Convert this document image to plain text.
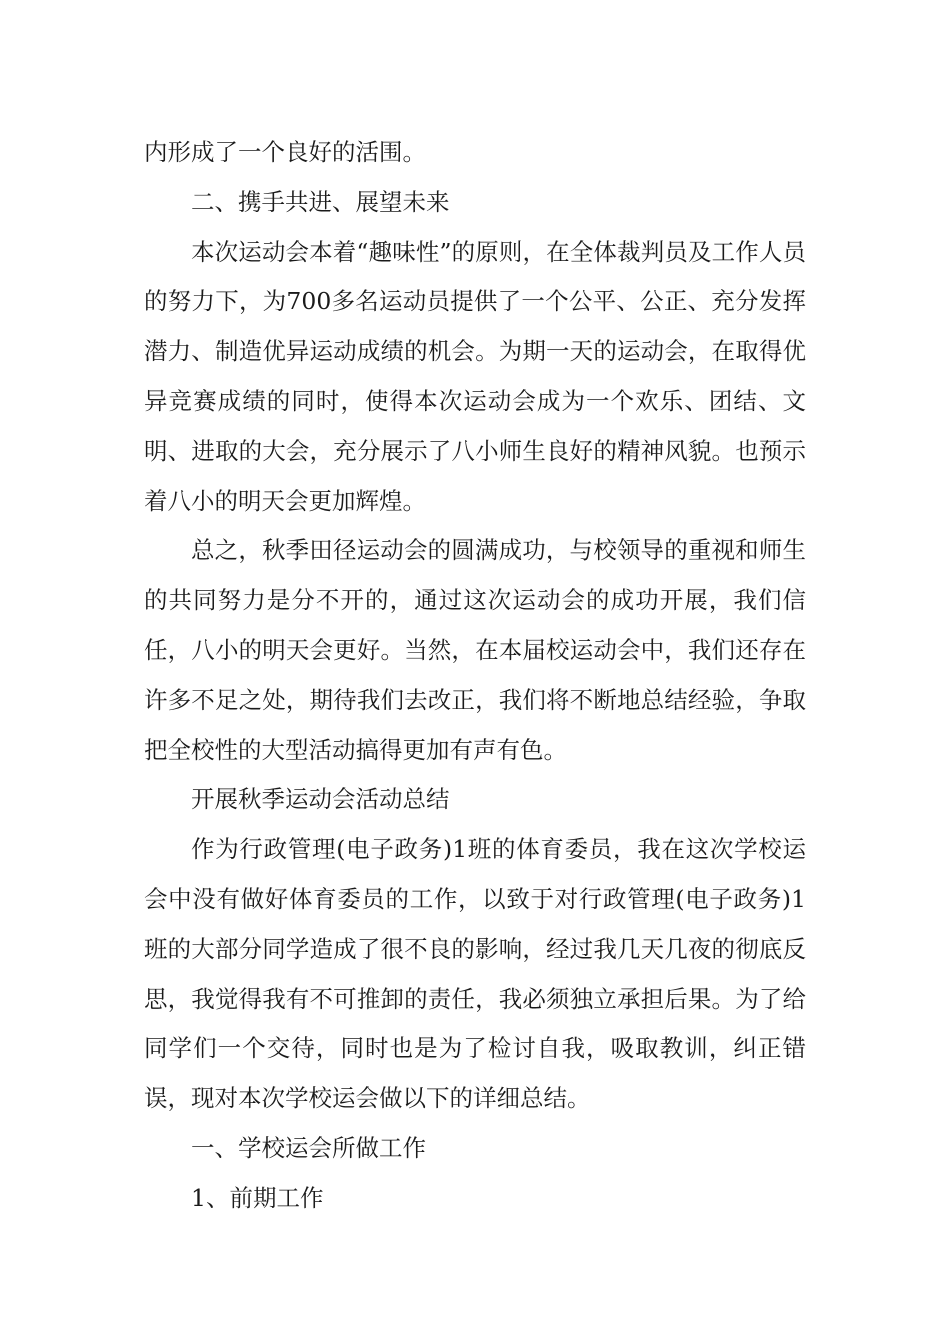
内形成了一个良好的活围。

二、携手共进、展望未来

本次运动会本着“趣味性”的原则，在全体裁判员及工作人员的努力下，为700多名运动员提供了一个公平、公正、充分发挥潜力、制造优异运动成绩的机会。为期一天的运动会，在取得优异竞赛成绩的同时，使得本次运动会成为一个欢乐、团结、文明、进取的大会，充分展示了八小师生良好的精神风貌。也预示着八小的明天会更加辉煌。

总之，秋季田径运动会的圆满成功，与校领导的重视和师生的共同努力是分不开的，通过这次运动会的成功开展，我们信任，八小的明天会更好。当然，在本届校运动会中，我们还存在许多不足之处，期待我们去改正，我们将不断地总结经验，争取把全校性的大型活动搞得更加有声有色。

开展秋季运动会活动总结

作为行政管理(电子政务)1班的体育委员，我在这次学校运会中没有做好体育委员的工作，以致于对行政管理(电子政务)1班的大部分同学造成了很不良的影响，经过我几天几夜的彻底反思，我觉得我有不可推卸的责任，我必须独立承担后果。为了给同学们一个交待，同时也是为了检讨自我，吸取教训，纠正错误，现对本次学校运会做以下的详细总结。

一、学校运会所做工作

1、前期工作
